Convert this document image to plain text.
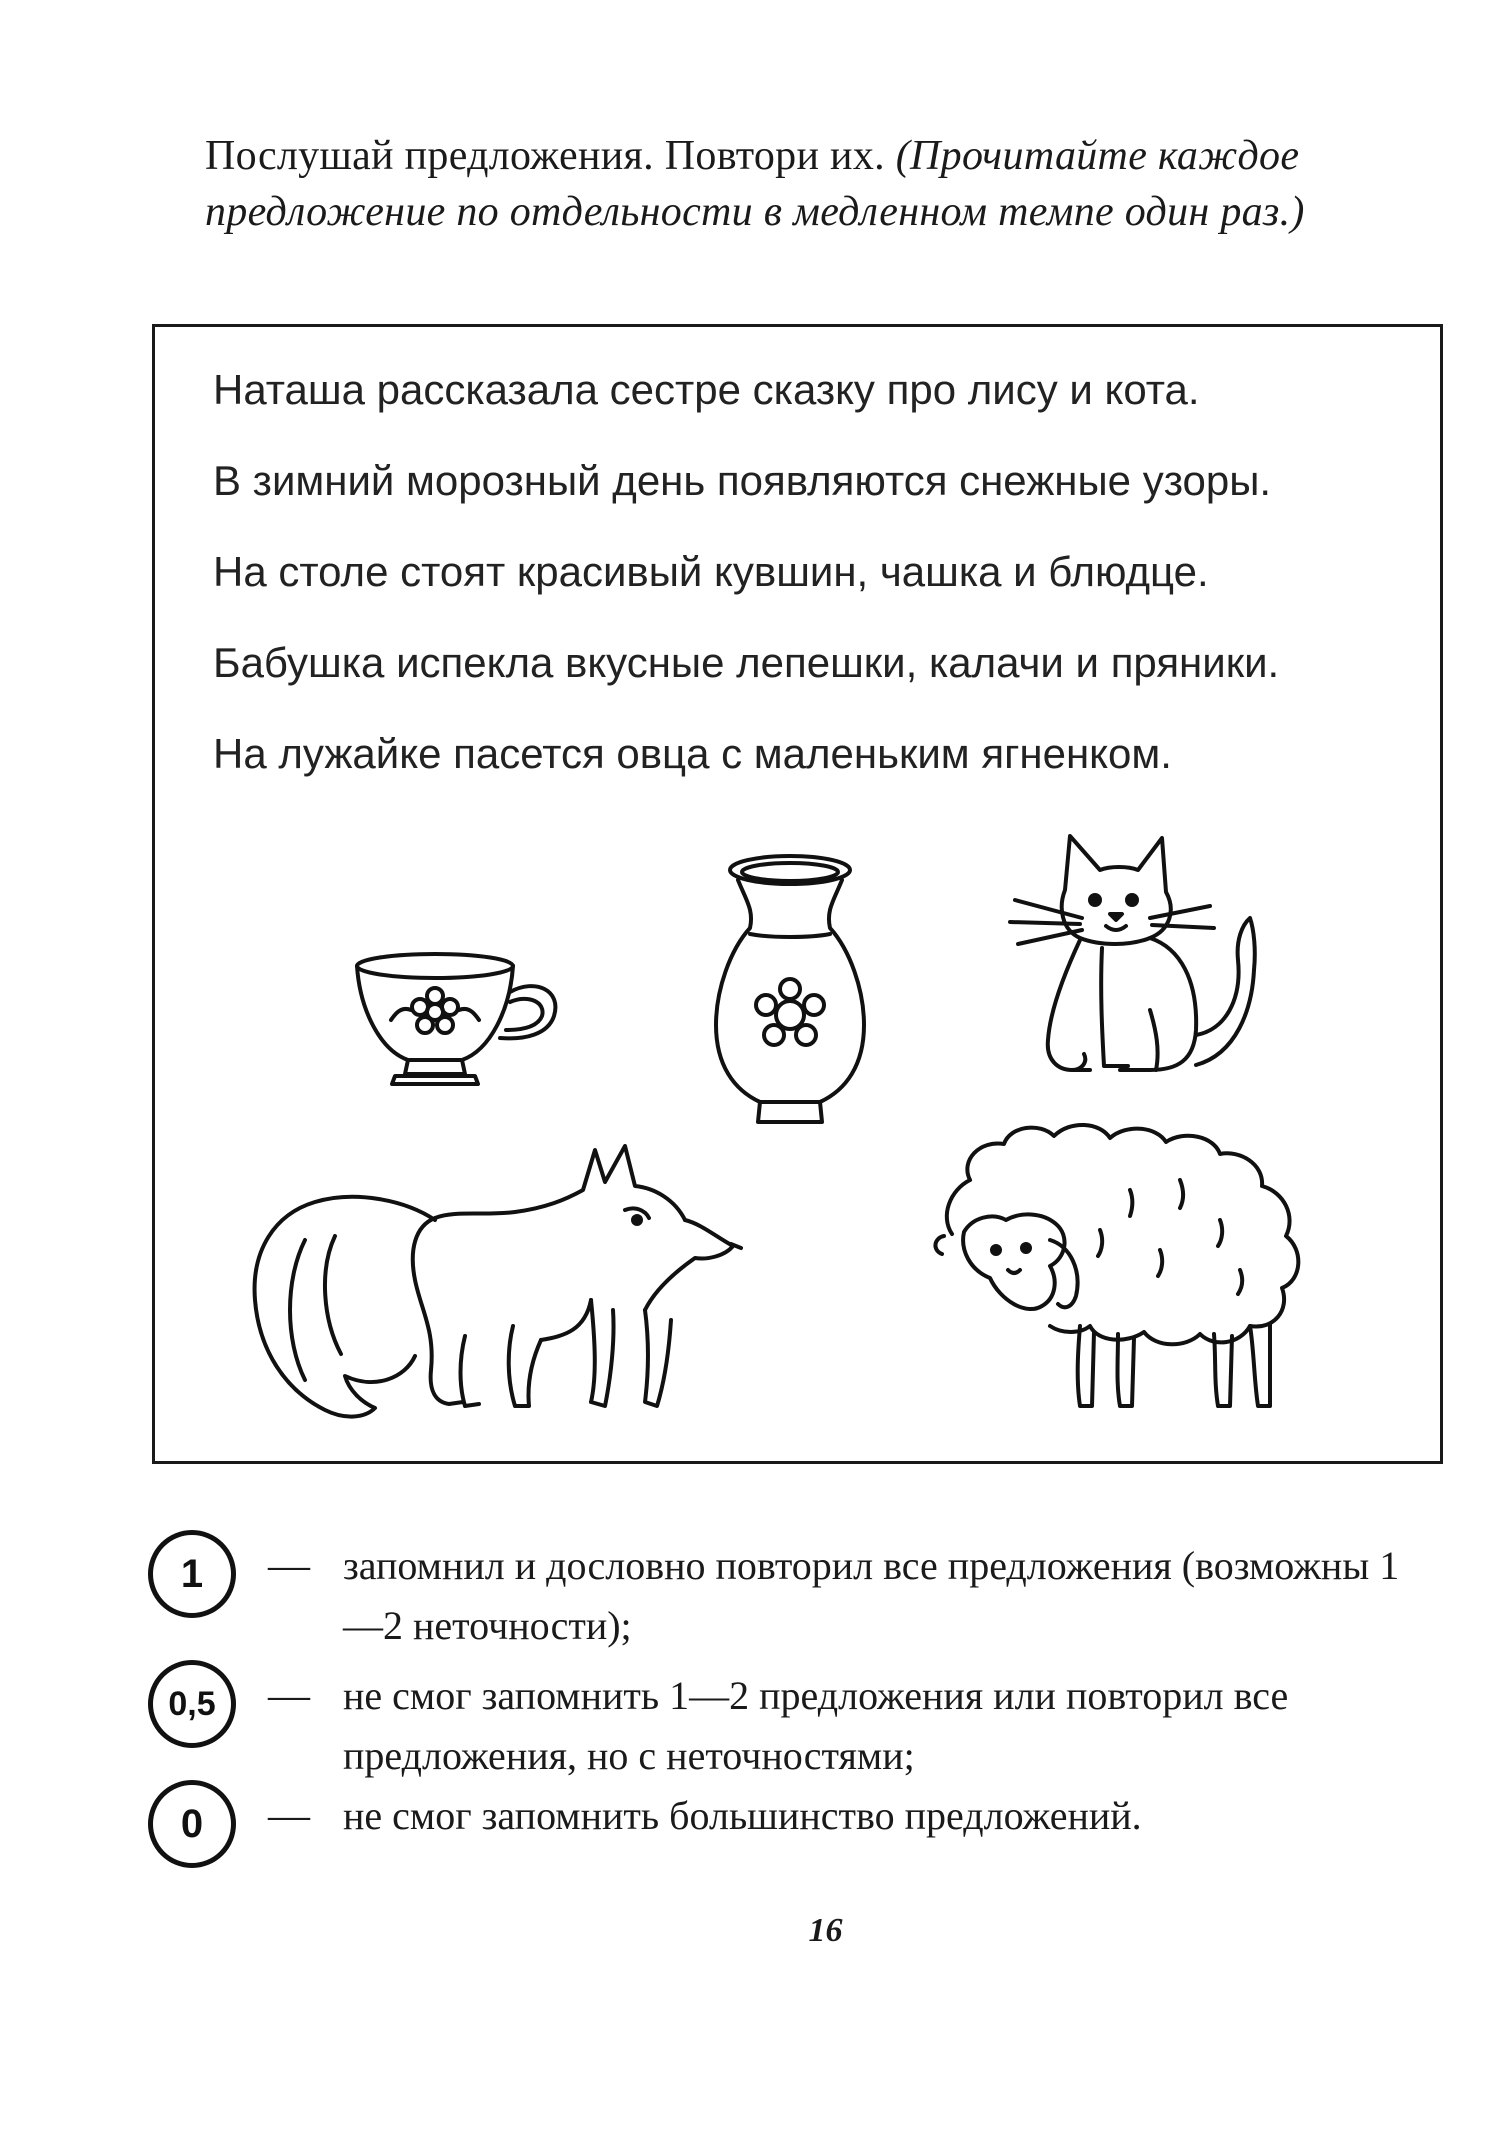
Послушай предложения. Повтори их. (Прочитайте каждое предложение по отдельности в медленном темпе один раз.)
Наташа рассказала сестре сказку про лису и кота.
В зимний морозный день появляются снежные узоры.
На столе стоят красивый кувшин, чашка и блюдце.
Бабушка испекла вкусные лепешки, калачи и пряники.
На лужайке пасется овца с маленьким ягненком.
1	— запомнил и дословно повторил все предложения (возможны 1—2 неточности);
0,5	— не смог запомнить 1—2 предложения или повторил все предложения, но с неточностями;
0	— не смог запомнить большинство предложений.
16
